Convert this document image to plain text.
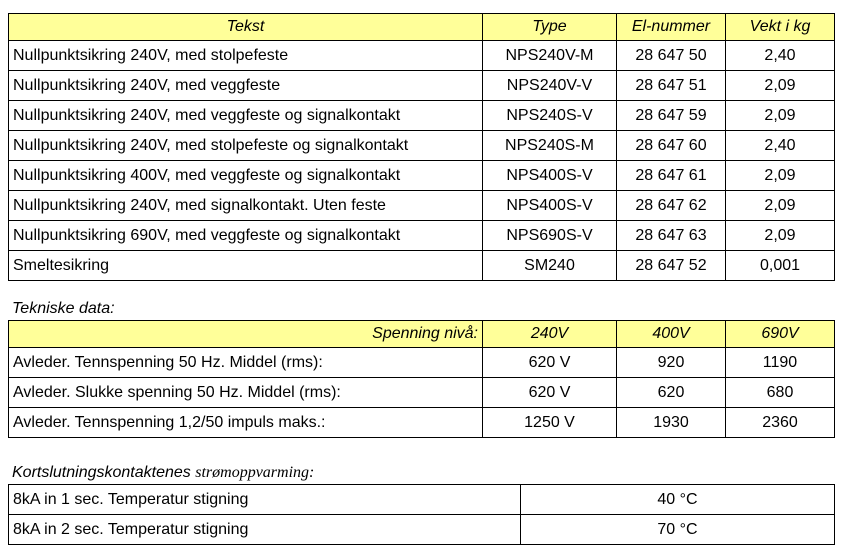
Tekst	Type	El-nummer	Vekt i kg
Nullpunktsikring 240V, med stolpefeste	NPS240V-M	28 647 50	2,40
Nullpunktsikring 240V, med veggfeste	NPS240V-V	28 647 51	2,09
Nullpunktsikring 240V, med veggfeste og signalkontakt	NPS240S-V	28 647 59	2,09
Nullpunktsikring 240V, med stolpefeste og signalkontakt	NPS240S-M	28 647 60	2,40
Nullpunktsikring 400V, med veggfeste og signalkontakt	NPS400S-V	28 647 61	2,09
Nullpunktsikring 240V, med signalkontakt. Uten feste	NPS400S-V	28 647 62	2,09
Nullpunktsikring 690V, med veggfeste og signalkontakt	NPS690S-V	28 647 63	2,09
Smeltesikring	SM240	28 647 52	0,001
Tekniske data:
Spenning nivå:	240V	400V	690V
Avleder. Tennspenning 50 Hz. Middel (rms):	620 V	920	1190
Avleder. Slukke spenning 50 Hz. Middel (rms):	620 V	620	680
Avleder. Tennspenning 1,2/50 impuls maks.:	1250 V	1930	2360
Kortslutningskontaktenes strømoppvarming:
8kA in 1 sec. Temperatur stigning	40 °C
8kA in 2 sec. Temperatur stigning	70 °C
